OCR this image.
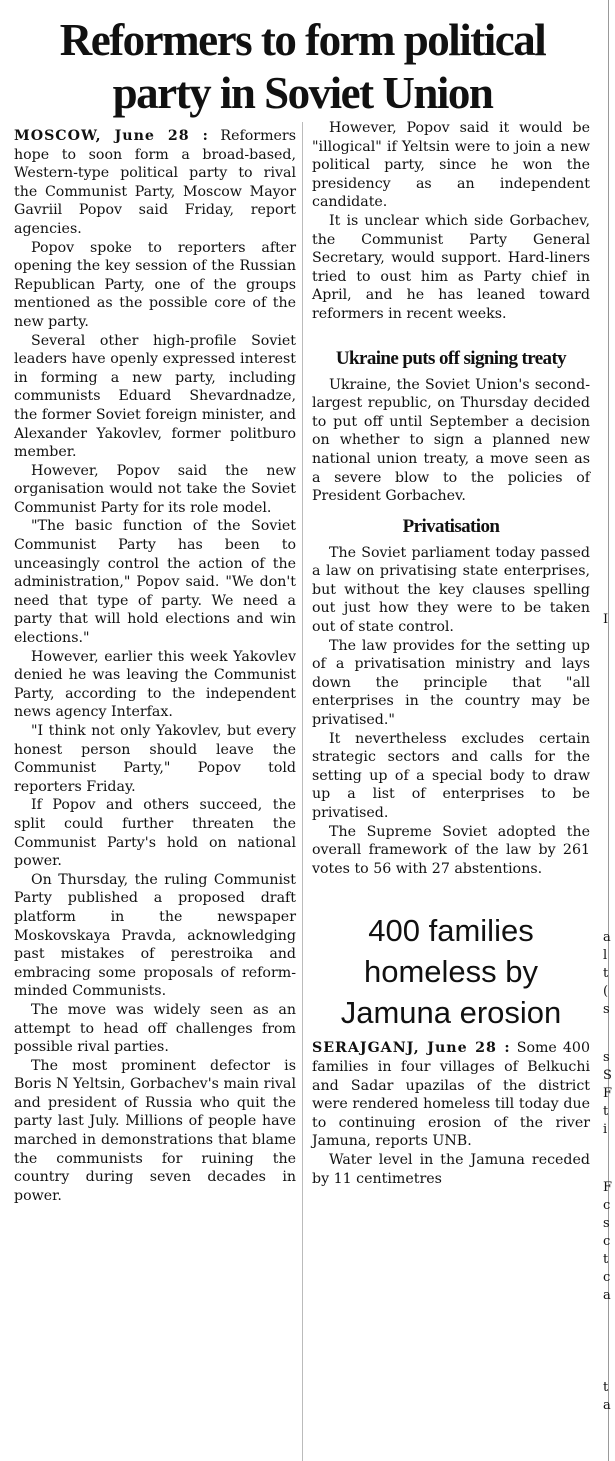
Reformers to form political party in Soviet Union

MOSCOW, June 28 : Reformers hope to soon form a broad-based, Western-type political party to rival the Communist Party, Moscow Mayor Gavriil Popov said Friday, report agencies.

Popov spoke to reporters after opening the key session of the Russian Republican Party, one of the groups mentioned as the possible core of the new party.

Several other high-profile Soviet leaders have openly expressed interest in forming a new party, including communists Eduard Shevardnadze, the former Soviet foreign minister, and Alexander Yakovlev, former politburo member.

However, Popov said the new organisation would not take the Soviet Communist Party for its role model.

"The basic function of the Soviet Communist Party has been to unceasingly control the action of the administration," Popov said. "We don't need that type of party. We need a party that will hold elections and win elections."

However, earlier this week Yakovlev denied he was leaving the Communist Party, according to the independent news agency Interfax.

"I think not only Yakovlev, but every honest person should leave the Communist Party," Popov told reporters Friday.

If Popov and others succeed, the split could further threaten the Communist Party's hold on national power.

On Thursday, the ruling Communist Party published a proposed draft platform in the newspaper Moskovskaya Pravda, acknowledging past mistakes of perestroika and embracing some proposals of reform-minded Communists.

The move was widely seen as an attempt to head off challenges from possible rival parties.

The most prominent defector is Boris N Yeltsin, Gorbachev's main rival and president of Russia who quit the party last July. Millions of people have marched in demonstrations that blame the communists for ruining the country during seven decades in power.

However, Popov said it would be "illogical" if Yeltsin were to join a new political party, since he won the presidency as an independent candidate.

It is unclear which side Gorbachev, the Communist Party General Secretary, would support. Hard-liners tried to oust him as Party chief in April, and he has leaned toward reformers in recent weeks.

Ukraine puts off signing treaty

Ukraine, the Soviet Union's second-largest republic, on Thursday decided to put off until September a decision on whether to sign a planned new national union treaty, a move seen as a severe blow to the policies of President Gorbachev.

Privatisation

The Soviet parliament today passed a law on privatising state enterprises, but without the key clauses spelling out just how they were to be taken out of state control.

The law provides for the setting up of a privatisation ministry and lays down the principle that "all enterprises in the country may be privatised."

It nevertheless excludes certain strategic sectors and calls for the setting up of a special body to draw up a list of enterprises to be privatised.

The Supreme Soviet adopted the overall framework of the law by 261 votes to 56 with 27 abstentions.

400 families homeless by Jamuna erosion

SERAJGANJ, June 28 : Some 400 families in four villages of Belkuchi and Sadar upazilas of the district were rendered homeless till today due to continuing erosion of the river Jamuna, reports UNB.

Water level in the Jamuna receded by 11 centimetres

I
a
l
t
(
s
s
S
F
t
i
F
c
s
c
t
c
a
t
a
